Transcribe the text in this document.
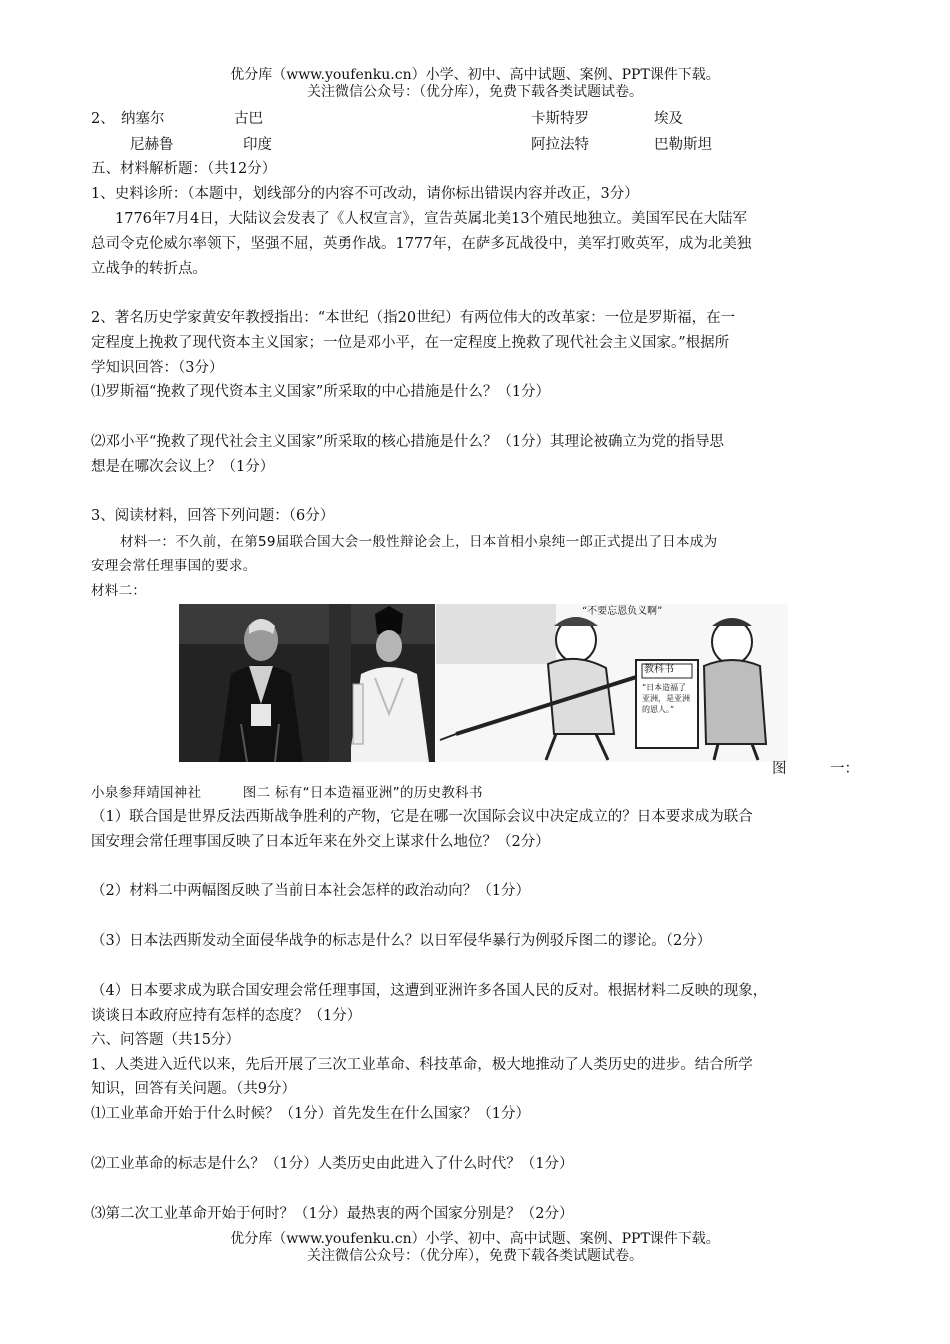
优分库（www.youfenku.cn）小学、初中、高中试题、案例、PPT课件下载。
关注微信公众号：（优分库），免费下载各类试题试卷。
2、 纳塞尔	古巴	卡斯特罗	埃及
尼赫鲁	印度	阿拉法特	巴勒斯坦
五、材料解析题：（共12分）
1、史料诊所：（本题中，划线部分的内容不可改动，请你标出错误内容并改正，3分）
1776年7月4日，大陆议会发表了《人权宣言》，宣告英属北美13个殖民地独立。美国军民在大陆军
总司令克伦威尔率领下，坚强不屈，英勇作战。1777年，在萨多瓦战役中，美军打败英军，成为北美独
立战争的转折点。
2、著名历史学家黄安年教授指出：“本世纪（指20世纪）有两位伟大的改革家：一位是罗斯福，在一
定程度上挽救了现代资本主义国家；一位是邓小平，在一定程度上挽救了现代社会主义国家。”根据所
学知识回答：（3分）
⑴罗斯福“挽救了现代资本主义国家”所采取的中心措施是什么？（1分）
⑵邓小平“挽救了现代社会主义国家”所采取的核心措施是什么？（1分）其理论被确立为党的指导思
想是在哪次会议上？（1分）
3、阅读材料，回答下列问题：（6分）
材料一：不久前，在第59届联合国大会一般性辩论会上，日本首相小泉纯一郎正式提出了日本成为
安理会常任理事国的要求。
材料二：
“不要忘恩负义啊”
教科书
“日本造福了亚洲，是亚洲的恩人。”
图　　　一：
小泉参拜靖国神社　　　图二 标有“日本造福亚洲”的历史教科书
（1）联合国是世界反法西斯战争胜利的产物，它是在哪一次国际会议中决定成立的？日本要求成为联合
国安理会常任理事国反映了日本近年来在外交上谋求什么地位？（2分）
（2）材料二中两幅图反映了当前日本社会怎样的政治动向？（1分）
（3）日本法西斯发动全面侵华战争的标志是什么？以日军侵华暴行为例驳斥图二的谬论。（2分）
（4）日本要求成为联合国安理会常任理事国，这遭到亚洲许多各国人民的反对。根据材料二反映的现象，
谈谈日本政府应持有怎样的态度？（1分）
六、问答题（共15分）
1、人类进入近代以来，先后开展了三次工业革命、科技革命，极大地推动了人类历史的进步。结合所学
知识，回答有关问题。（共9分）
⑴工业革命开始于什么时候？（1分）首先发生在什么国家？（1分）
⑵工业革命的标志是什么？（1分）人类历史由此进入了什么时代？（1分）
⑶第二次工业革命开始于何时？（1分）最热衷的两个国家分别是？（2分）
优分库（www.youfenku.cn）小学、初中、高中试题、案例、PPT课件下载。
关注微信公众号：（优分库），免费下载各类试题试卷。
